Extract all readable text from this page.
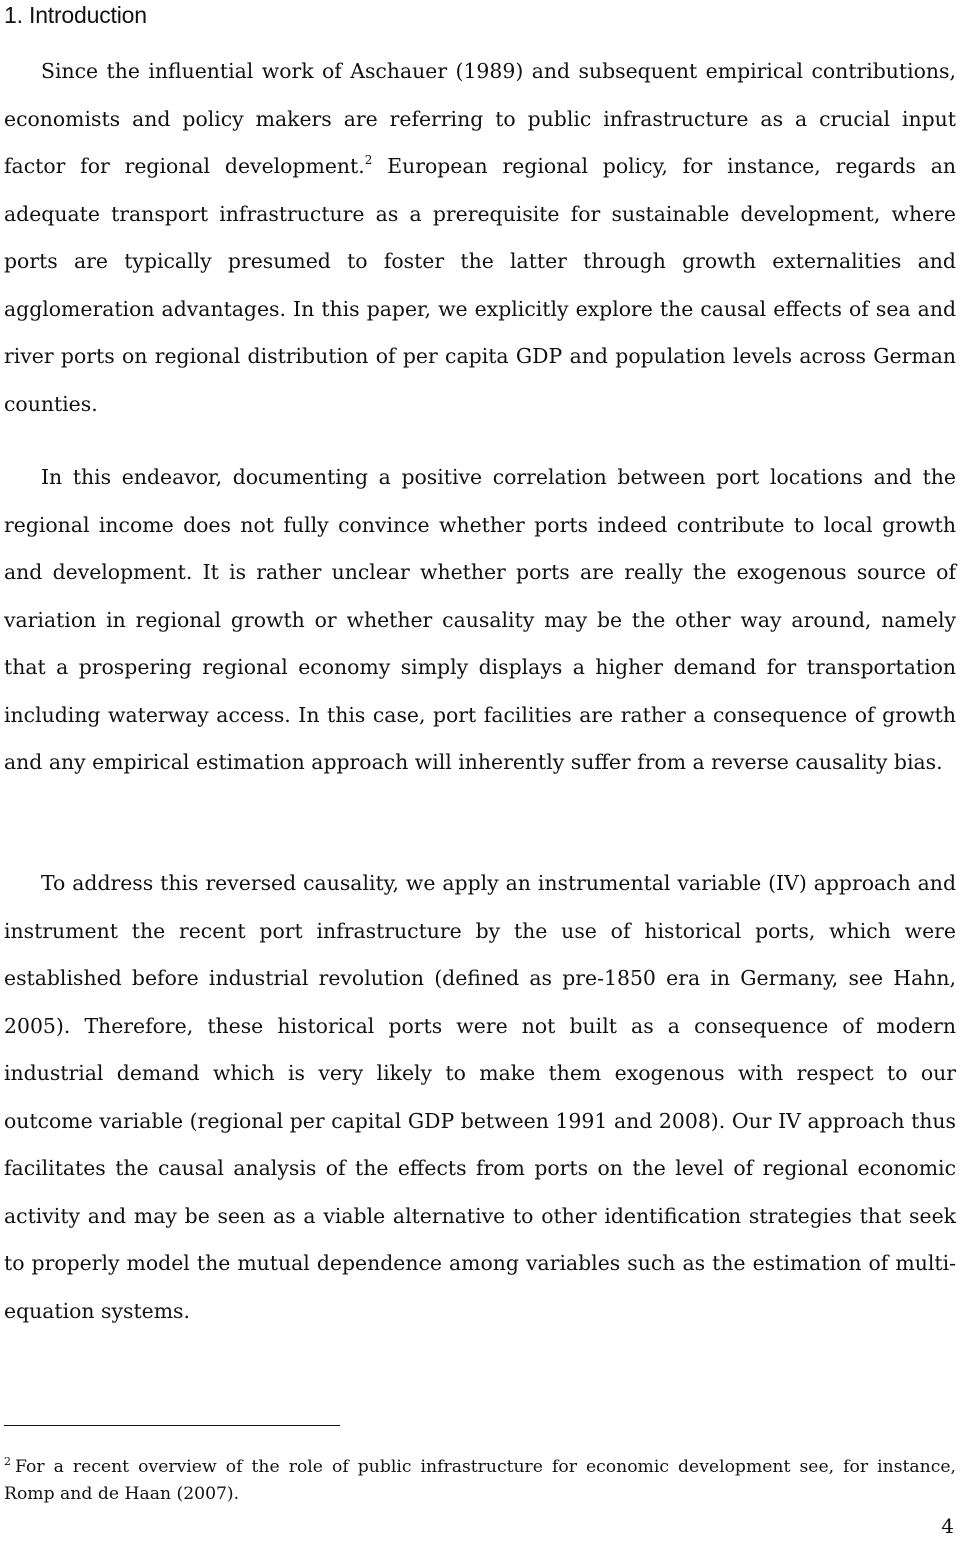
1. Introduction

Since the influential work of Aschauer (1989) and subsequent empirical contributions, economists and policy makers are referring to public infrastructure as a crucial input factor for regional development.$^2$ European regional policy, for instance, regards an adequate transport infrastructure as a prerequisite for sustainable development, where ports are typically presumed to foster the latter through growth externalities and agglomeration advantages. In this paper, we explicitly explore the causal effects of sea and river ports on regional distribution of per capita GDP and population levels across German counties.

In this endeavor, documenting a positive correlation between port locations and the regional income does not fully convince whether ports indeed contribute to local growth and development. It is rather unclear whether ports are really the exogenous source of variation in regional growth or whether causality may be the other way around, namely that a prospering regional economy simply displays a higher demand for transportation including waterway access. In this case, port facilities are rather a consequence of growth and any empirical estimation approach will inherently suffer from a reverse causality bias.

To address this reversed causality, we apply an instrumental variable (IV) approach and instrument the recent port infrastructure by the use of historical ports, which were established before industrial revolution (defined as pre-1850 era in Germany, see Hahn, 2005). Therefore, these historical ports were not built as a consequence of modern industrial demand which is very likely to make them exogenous with respect to our outcome variable (regional per capital GDP between 1991 and 2008). Our IV approach thus facilitates the causal analysis of the effects from ports on the level of regional economic activity and may be seen as a viable alternative to other identification strategies that seek to properly model the mutual dependence among variables such as the estimation of multi-equation systems.

$^2$ For a recent overview of the role of public infrastructure for economic development see, for instance, Romp and de Haan (2007).

4
